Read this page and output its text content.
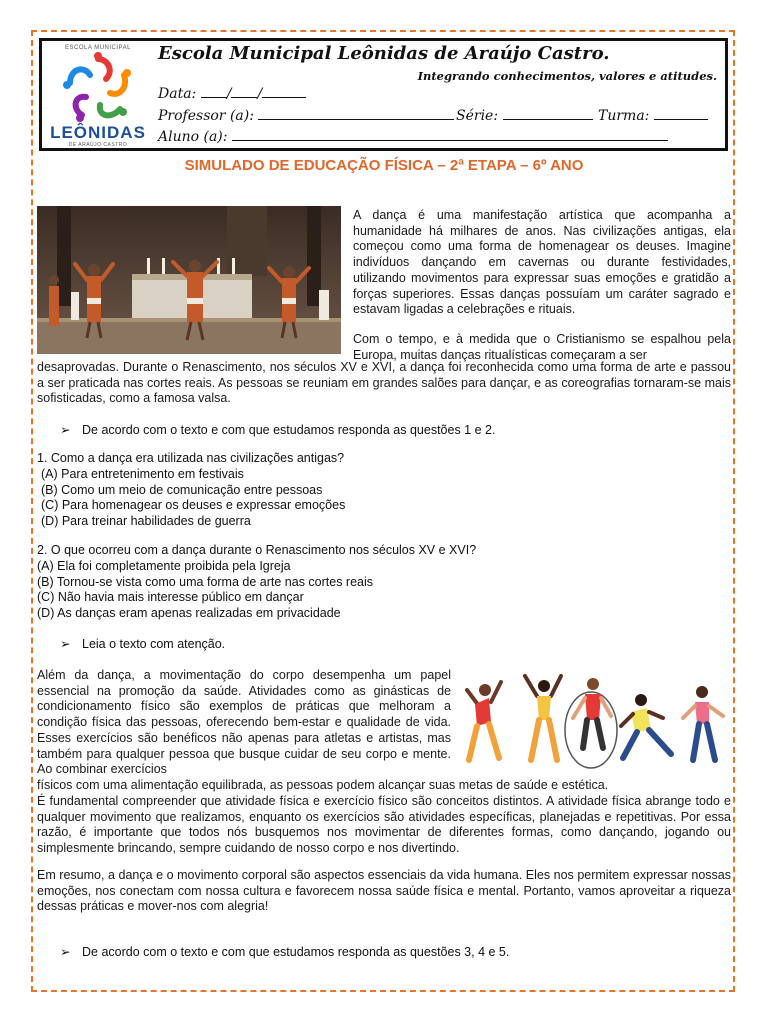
ESCOLA MUNICIPAL
LEÔNIDAS
DE ARAÚJO CASTRO
Escola Municipal Leônidas de Araújo Castro.
Integrando conhecimentos, valores e atitudes.
Data: / /
Professor (a):	Série:	Turma:
Aluno (a):
SIMULADO DE EDUCAÇÃO FÍSICA – 2ª ETAPA – 6º ANO
A dança é uma manifestação artística que acompanha a humanidade há milhares de anos. Nas civilizações antigas, ela começou como uma forma de homenagear os deuses. Imagine indivíduos dançando em cavernas ou durante festividades, utilizando movimentos para expressar suas emoções e gratidão a forças superiores. Essas danças possuíam um caráter sagrado e estavam ligadas a celebrações e rituais.
Com o tempo, e à medida que o Cristianismo se espalhou pela Europa, muitas danças ritualísticas começaram a ser
desaprovadas. Durante o Renascimento, nos séculos XV e XVI, a dança foi reconhecida como uma forma de arte e passou a ser praticada nas cortes reais. As pessoas se reuniam em grandes salões para dançar, e as coreografias tornaram-se mais sofisticadas, como a famosa valsa.
➢ De acordo com o texto e com que estudamos responda as questões 1 e 2.
1. Como a dança era utilizada nas civilizações antigas?
(A) Para entretenimento em festivais
(B) Como um meio de comunicação entre pessoas
(C) Para homenagear os deuses e expressar emoções
(D) Para treinar habilidades de guerra
2. O que ocorreu com a dança durante o Renascimento nos séculos XV e XVI?
(A) Ela foi completamente proibida pela Igreja
(B) Tornou-se vista como uma forma de arte nas cortes reais
(C) Não havia mais interesse público em dançar
(D) As danças eram apenas realizadas em privacidade
➢ Leia o texto com atenção.
Além da dança, a movimentação do corpo desempenha um papel essencial na promoção da saúde. Atividades como as ginásticas de condicionamento físico são exemplos de práticas que melhoram a condição física das pessoas, oferecendo bem-estar e qualidade de vida. Esses exercícios são benéficos não apenas para atletas e artistas, mas também para qualquer pessoa que busque cuidar de seu corpo e mente. Ao combinar exercícios
físicos com uma alimentação equilibrada, as pessoas podem alcançar suas metas de saúde e estética.
É fundamental compreender que atividade física e exercício físico são conceitos distintos. A atividade física abrange todo e qualquer movimento que realizamos, enquanto os exercícios são atividades específicas, planejadas e repetitivas. Por essa razão, é importante que todos nós busquemos nos movimentar de diferentes formas, como dançando, jogando ou simplesmente brincando, sempre cuidando de nosso corpo e nos divertindo.
Em resumo, a dança e o movimento corporal são aspectos essenciais da vida humana. Eles nos permitem expressar nossas emoções, nos conectam com nossa cultura e favorecem nossa saúde física e mental. Portanto, vamos aproveitar a riqueza dessas práticas e mover-nos com alegria!
➢ De acordo com o texto e com que estudamos responda as questões 3, 4 e 5.
